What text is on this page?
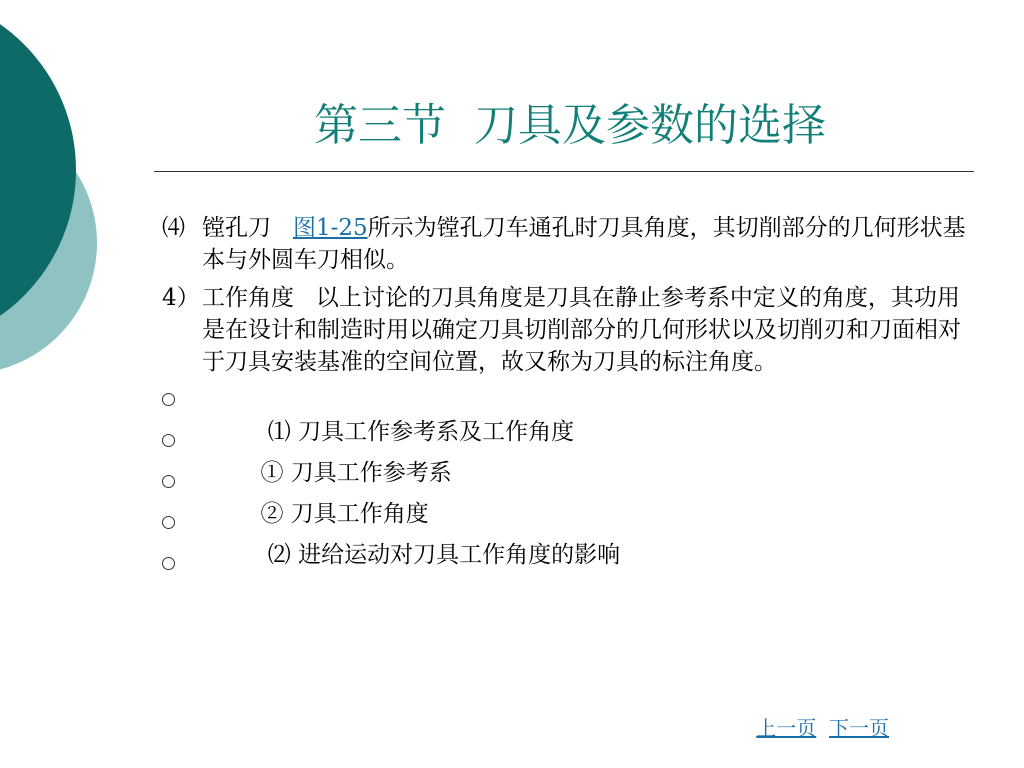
第三节  刀具及参数的选择
⑷ 镗孔刀   图1-25所示为镗孔刀车通孔时刀具角度，其切削部分的几何形状基本与外圆车刀相似。
4） 工作角度   以上讨论的刀具角度是刀具在静止参考系中定义的角度，其功用是在设计和制造时用以确定刀具切削部分的几何形状以及切削刃和刀面相对于刀具安装基准的空间位置，故又称为刀具的标注角度。

⑴ 刀具工作参考系及工作角度

① 刀具工作参考系

② 刀具工作角度

⑵ 进给运动对刀具工作角度的影响

上一页 下一页
